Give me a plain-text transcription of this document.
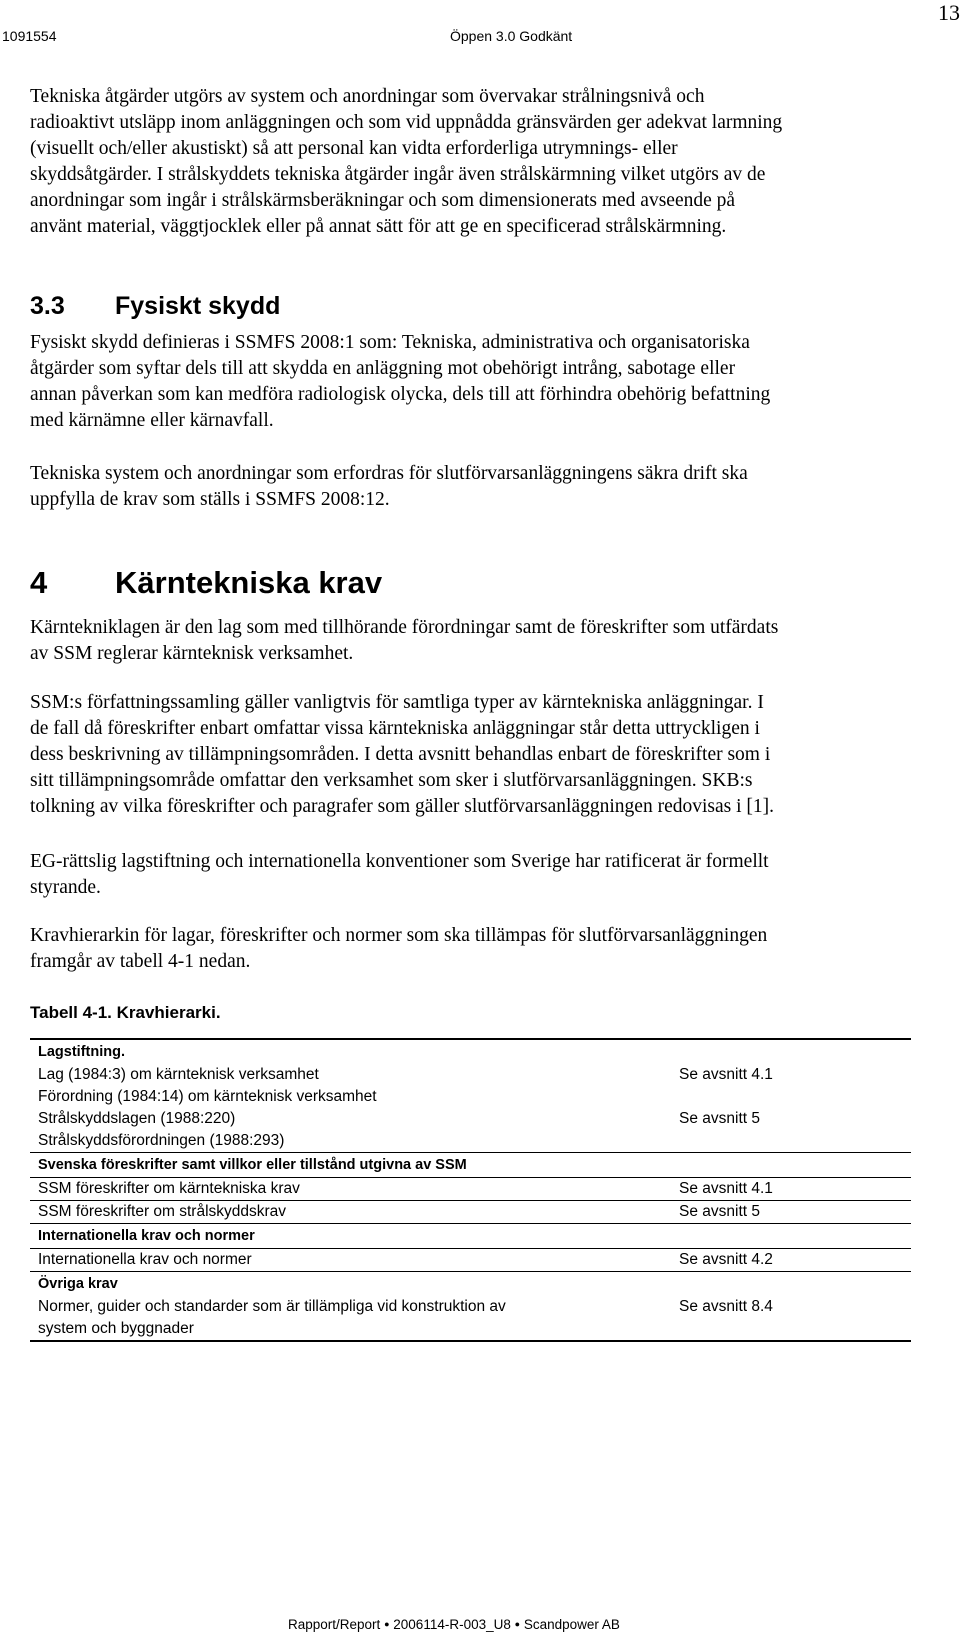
1091554	Öppen 3.0 Godkänt
13

Tekniska åtgärder utgörs av system och anordningar som övervakar strålningsnivå och
radioaktivt utsläpp inom anläggningen och som vid uppnådda gränsvärden ger adekvat larmning
(visuellt och/eller akustiskt) så att personal kan vidta erforderliga utrymnings- eller
skyddsåtgärder. I strålskyddets tekniska åtgärder ingår även strålskärmning vilket utgörs av de
anordningar som ingår i strålskärmsberäkningar och som dimensionerats med avseende på
använt material, väggtjocklek eller på annat sätt för att ge en specificerad strålskärmning.

3.3 Fysiskt skydd

Fysiskt skydd definieras i SSMFS 2008:1 som: Tekniska, administrativa och organisatoriska
åtgärder som syftar dels till att skydda en anläggning mot obehörigt intrång, sabotage eller
annan påverkan som kan medföra radiologisk olycka, dels till att förhindra obehörig befattning
med kärnämne eller kärnavfall.

Tekniska system och anordningar som erfordras för slutförvarsanläggningens säkra drift ska
uppfylla de krav som ställs i SSMFS 2008:12.

4 Kärntekniska krav

Kärntekniklagen är den lag som med tillhörande förordningar samt de föreskrifter som utfärdats
av SSM reglerar kärnteknisk verksamhet.

SSM:s författningssamling gäller vanligtvis för samtliga typer av kärntekniska anläggningar. I
de fall då föreskrifter enbart omfattar vissa kärntekniska anläggningar står detta uttryckligen i
dess beskrivning av tillämpningsområden. I detta avsnitt behandlas enbart de föreskrifter som i
sitt tillämpningsområde omfattar den verksamhet som sker i slutförvarsanläggningen. SKB:s
tolkning av vilka föreskrifter och paragrafer som gäller slutförvarsanläggningen redovisas i [1].

EG-rättslig lagstiftning och internationella konventioner som Sverige har ratificerat är formellt
styrande.

Kravhierarkin för lagar, föreskrifter och normer som ska tillämpas för slutförvarsanläggningen
framgår av tabell 4-1 nedan.

Tabell 4-1. Kravhierarki.
Lagstiftning.	

Lag (1984:3) om kärnteknisk verksamhet
Förordning (1984:14) om kärnteknisk verksamhet	Se avsnitt 4.1

Strålskyddslagen (1988:220)
Strålskyddsförordningen (1988:293)	Se avsnitt 5
Svenska föreskrifter samt villkor eller tillstånd utgivna av SSM	
SSM föreskrifter om kärntekniska krav	Se avsnitt 4.1
SSM föreskrifter om strålskyddskrav	Se avsnitt 5
Internationella krav och normer	
Internationella krav och normer	Se avsnitt 4.2
Övriga krav	

Normer, guider och standarder som är tillämpliga vid konstruktion av
system och byggnader	Se avsnitt 8.4
Rapport/Report ● 2006114-R-003_U8 ● Scandpower AB
